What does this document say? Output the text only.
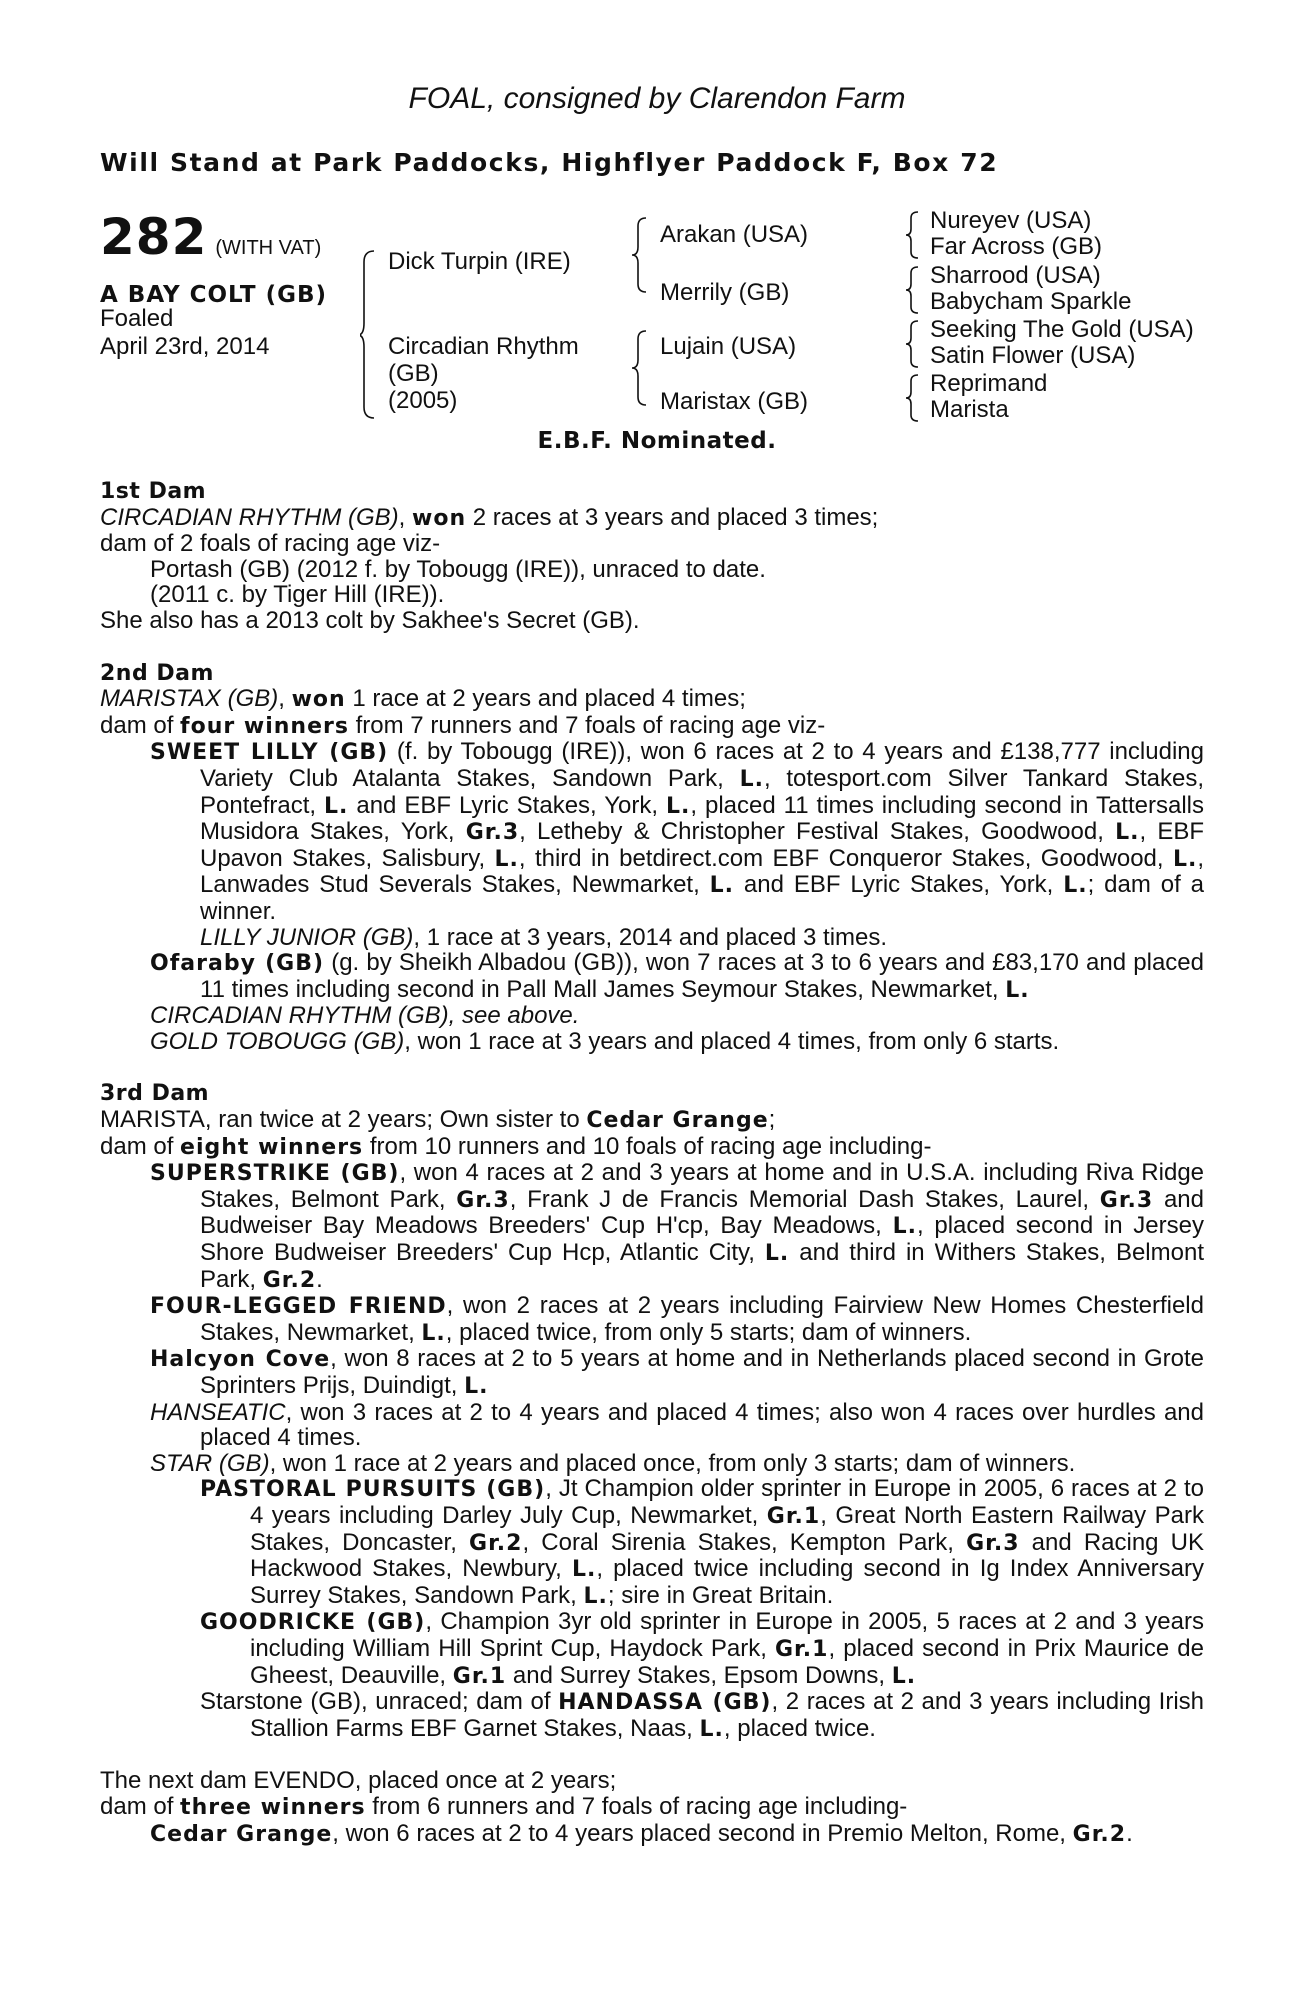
FOAL, consigned by Clarendon Farm
Will Stand at Park Paddocks, Highflyer Paddock F, Box 72
282 (WITH VAT)
A BAY COLT (GB)
Foaled
April 23rd, 2014
Dick Turpin (IRE)
Circadian Rhythm
(GB)
(2005)
Arakan (USA)
Merrily (GB)
Lujain (USA)
Maristax (GB)
Nureyev (USA)
Far Across (GB)
Sharrood (USA)
Babycham Sparkle
Seeking The Gold (USA)
Satin Flower (USA)
Reprimand
Marista
E.B.F. Nominated.
1st Dam
CIRCADIAN RHYTHM (GB), won 2 races at 3 years and placed 3 times;
dam of 2 foals of racing age viz-
Portash (GB) (2012 f. by Tobougg (IRE)), unraced to date.
(2011 c. by Tiger Hill (IRE)).
She also has a 2013 colt by Sakhee's Secret (GB).
2nd Dam
MARISTAX (GB), won 1 race at 2 years and placed 4 times;
dam of four winners from 7 runners and 7 foals of racing age viz-
SWEET LILLY (GB) (f. by Tobougg (IRE)), won 6 races at 2 to 4 years and £138,777 including Variety Club Atalanta Stakes, Sandown Park, L., totesport.com Silver Tankard Stakes, Pontefract, L. and EBF Lyric Stakes, York, L., placed 11 times including second in Tattersalls Musidora Stakes, York, Gr.3, Letheby & Christopher Festival Stakes, Goodwood, L., EBF Upavon Stakes, Salisbury, L., third in betdirect.com EBF Conqueror Stakes, Goodwood, L., Lanwades Stud Severals Stakes, Newmarket, L. and EBF Lyric Stakes, York, L.; dam of a winner.
LILLY JUNIOR (GB), 1 race at 3 years, 2014 and placed 3 times.
Ofaraby (GB) (g. by Sheikh Albadou (GB)), won 7 races at 3 to 6 years and £83,170 and placed 11 times including second in Pall Mall James Seymour Stakes, Newmarket, L.
CIRCADIAN RHYTHM (GB), see above.
GOLD TOBOUGG (GB), won 1 race at 3 years and placed 4 times, from only 6 starts.
3rd Dam
MARISTA, ran twice at 2 years; Own sister to Cedar Grange;
dam of eight winners from 10 runners and 10 foals of racing age including-
SUPERSTRIKE (GB), won 4 races at 2 and 3 years at home and in U.S.A. including Riva Ridge Stakes, Belmont Park, Gr.3, Frank J de Francis Memorial Dash Stakes, Laurel, Gr.3 and Budweiser Bay Meadows Breeders' Cup H'cp, Bay Meadows, L., placed second in Jersey Shore Budweiser Breeders' Cup Hcp, Atlantic City, L. and third in Withers Stakes, Belmont Park, Gr.2.
FOUR-LEGGED FRIEND, won 2 races at 2 years including Fairview New Homes Chesterfield Stakes, Newmarket, L., placed twice, from only 5 starts; dam of winners.
Halcyon Cove, won 8 races at 2 to 5 years at home and in Netherlands placed second in Grote Sprinters Prijs, Duindigt, L.
HANSEATIC, won 3 races at 2 to 4 years and placed 4 times; also won 4 races over hurdles and placed 4 times.
STAR (GB), won 1 race at 2 years and placed once, from only 3 starts; dam of winners.
PASTORAL PURSUITS (GB), Jt Champion older sprinter in Europe in 2005, 6 races at 2 to 4 years including Darley July Cup, Newmarket, Gr.1, Great North Eastern Railway Park Stakes, Doncaster, Gr.2, Coral Sirenia Stakes, Kempton Park, Gr.3 and Racing UK Hackwood Stakes, Newbury, L., placed twice including second in Ig Index Anniversary Surrey Stakes, Sandown Park, L.; sire in Great Britain.
GOODRICKE (GB), Champion 3yr old sprinter in Europe in 2005, 5 races at 2 and 3 years including William Hill Sprint Cup, Haydock Park, Gr.1, placed second in Prix Maurice de Gheest, Deauville, Gr.1 and Surrey Stakes, Epsom Downs, L.
Starstone (GB), unraced; dam of HANDASSA (GB), 2 races at 2 and 3 years including Irish Stallion Farms EBF Garnet Stakes, Naas, L., placed twice.
The next dam EVENDO, placed once at 2 years;
dam of three winners from 6 runners and 7 foals of racing age including-
Cedar Grange, won 6 races at 2 to 4 years placed second in Premio Melton, Rome, Gr.2.
